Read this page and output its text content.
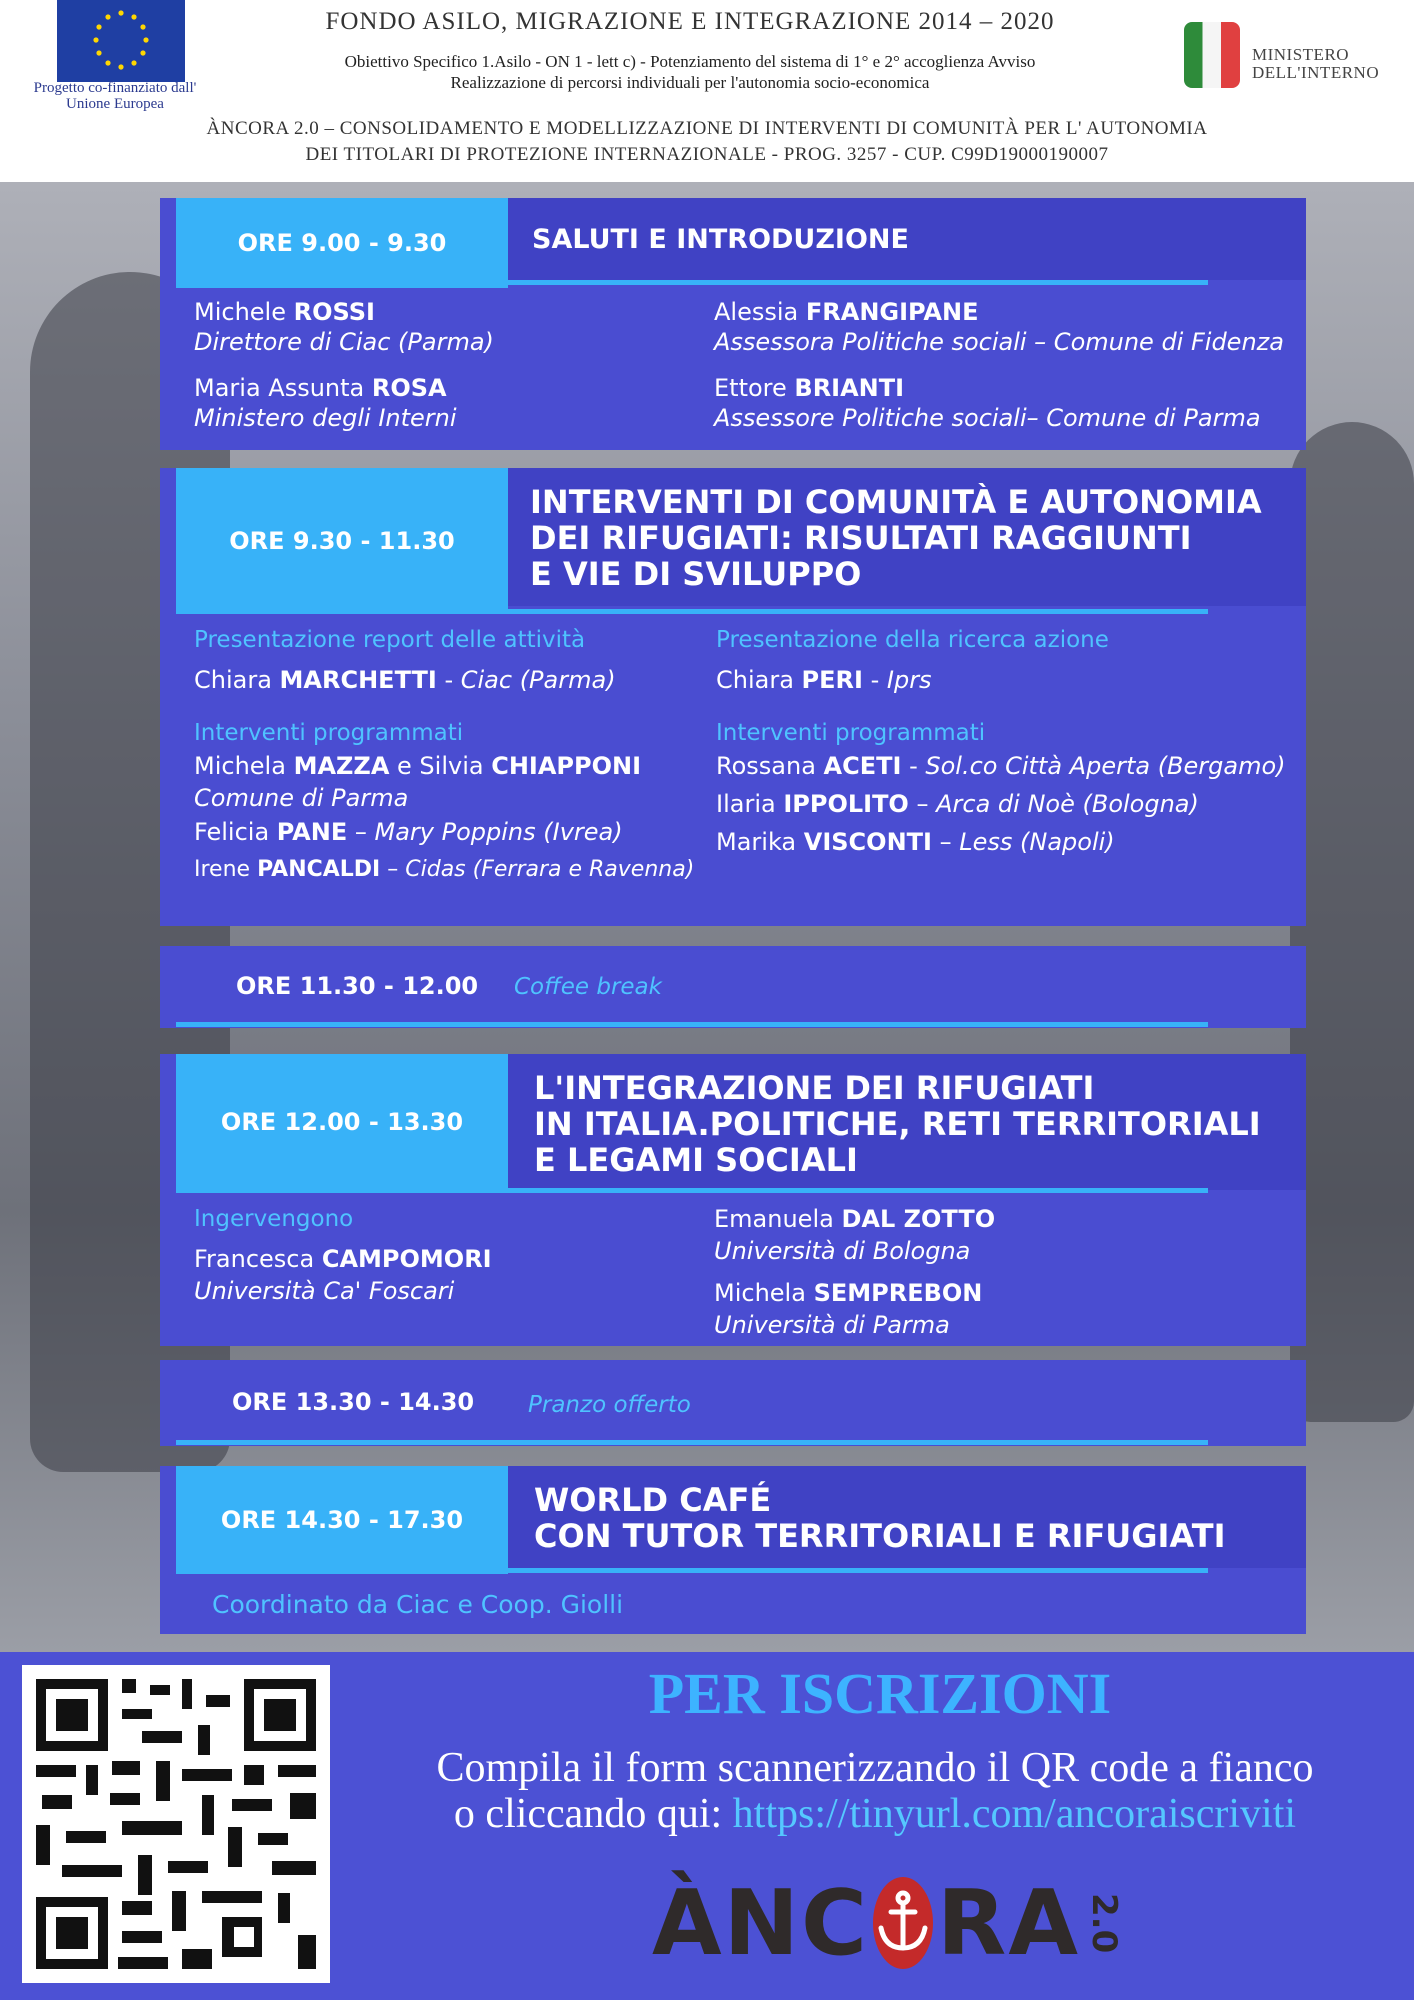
Progetto co-finanziato dall' Unione Europea
FONDO ASILO, MIGRAZIONE E INTEGRAZIONE 2014 – 2020
Obiettivo Specifico 1.Asilo - ON 1 - lett c) - Potenziamento del sistema di 1° e 2° accoglienza Avviso
Realizzazione di percorsi individuali per l'autonomia socio-economica
ÀNCORA 2.0 – CONSOLIDAMENTO E MODELLIZZAZIONE DI INTERVENTI DI COMUNITÀ PER L' AUTONOMIA
DEI TITOLARI DI PROTEZIONE INTERNAZIONALE - PROG. 3257 - CUP. C99D19000190007
MINISTERO DELL'INTERNO
ORE 9.00 - 9.30	SALUTI E INTRODUZIONE
Michele ROSSI
Direttore di Ciac (Parma)
Maria Assunta ROSA
Ministero degli Interni
Alessia FRANGIPANE
Assessora Politiche sociali – Comune di Fidenza
Ettore BRIANTI
Assessore Politiche sociali– Comune di Parma
ORE 9.30 - 11.30
INTERVENTI DI COMUNITÀ E AUTONOMIA
DEI RIFUGIATI: RISULTATI RAGGIUNTI
E VIE DI SVILUPPO
Presentazione report delle attività
Chiara MARCHETTI - Ciac (Parma)
Interventi programmati
Michela MAZZA e Silvia CHIAPPONI
Comune di Parma
Felicia PANE – Mary Poppins (Ivrea)
Irene PANCALDI – Cidas (Ferrara e Ravenna)
Presentazione della ricerca azione
Chiara PERI - Iprs
Interventi programmati
Rossana ACETI - Sol.co Città Aperta (Bergamo)
Ilaria IPPOLITO – Arca di Noè (Bologna)
Marika VISCONTI – Less (Napoli)
ORE 11.30 - 12.00 Coffee break
ORE 12.00 - 13.30
L'INTEGRAZIONE DEI RIFUGIATI
IN ITALIA.POLITICHE, RETI TERRITORIALI
E LEGAMI SOCIALI
Ingervengono
Francesca CAMPOMORI
Università Ca' Foscari
Emanuela DAL ZOTTO
Università di Bologna
Michela SEMPREBON
Università di Parma
ORE 13.30 - 14.30 Pranzo offerto
ORE 14.30 - 17.30
WORLD CAFÉ
CON TUTOR TERRITORIALI E RIFUGIATI
Coordinato da Ciac e Coop. Giolli
PER ISCRIZIONI
Compila il form scannerizzando il QR code a fianco
o cliccando qui: https://tinyurl.com/ancoraiscriviti
ÀNC RA 2.0
